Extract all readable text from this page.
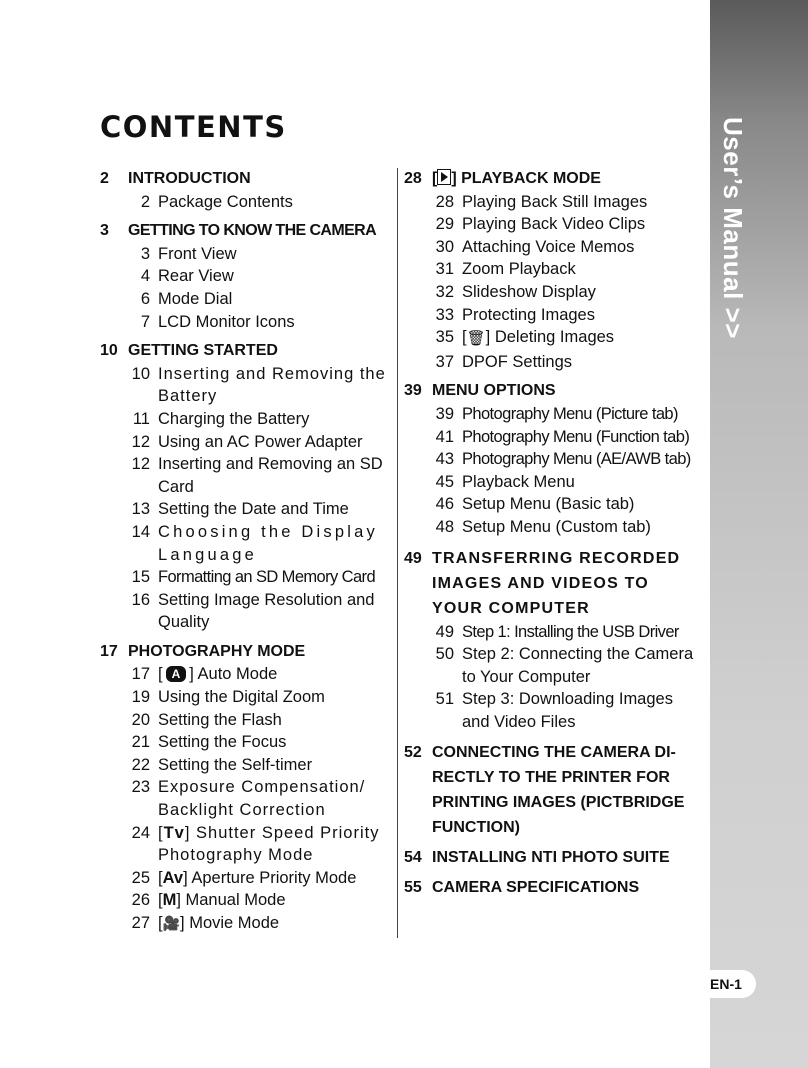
User’s Manual >>
EN-1
CONTENTS
2	INTRODUCTION
2 Package Contents
3	GETTING TO KNOW THE CAMERA
3 Front View
4 Rear View
6 Mode Dial
7 LCD Monitor Icons
10 GETTING STARTED
10 Inserting and Removing the Battery
11 Charging the Battery
12 Using an AC Power Adapter
12 Inserting and Removing an SD Card
13 Setting the Date and Time
14 Choosing the Display Language
15 Formatting an SD Memory Card
16 Setting Image Resolution and Quality
17 PHOTOGRAPHY MODE
17 [ A ] Auto Mode
19 Using the Digital Zoom
20 Setting the Flash
21 Setting the Focus
22 Setting the Self-timer
23 Exposure Compensation/ Backlight Correction
24 [Tv] Shutter Speed Priority Photography Mode
25 [Av] Aperture Priority Mode
26 [M] Manual Mode
27 [🎥] Movie Mode
28 [ ] PLAYBACK MODE
28 Playing Back Still Images
29 Playing Back Video Clips
30 Attaching Voice Memos
31 Zoom Playback
32 Slideshow Display
33 Protecting Images
35 [🗑] Deleting Images
37 DPOF Settings
39 MENU OPTIONS
39 Photography Menu (Picture tab)
41 Photography Menu (Function tab)
43 Photography Menu (AE/AWB tab)
45 Playback Menu
46 Setup Menu (Basic tab)
48 Setup Menu (Custom tab)
49 TRANSFERRING RECORDED IMAGES AND VIDEOS TO YOUR COMPUTER
49 Step 1: Installing the USB Driver
50 Step 2: Connecting the Camera to Your Computer
51 Step 3: Downloading Images and Video Files
52 CONNECTING THE CAMERA DI-RECTLY TO THE PRINTER FOR PRINTING IMAGES (PICTBRIDGE FUNCTION)
54 INSTALLING NTI PHOTO SUITE
55 CAMERA SPECIFICATIONS
